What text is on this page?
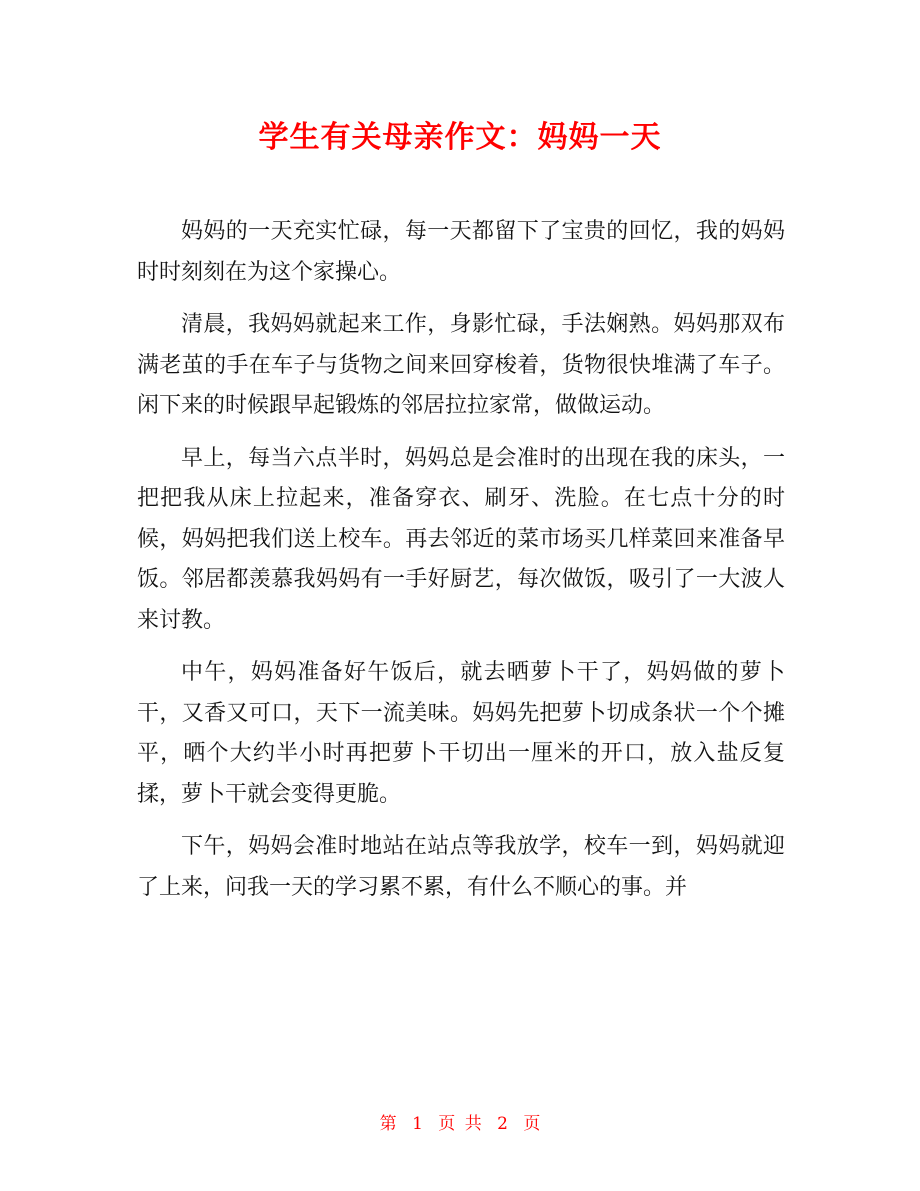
学生有关母亲作文：妈妈一天

妈妈的一天充实忙碌，每一天都留下了宝贵的回忆，我的妈妈时时刻刻在为这个家操心。

清晨，我妈妈就起来工作，身影忙碌，手法娴熟。妈妈那双布满老茧的手在车子与货物之间来回穿梭着，货物很快堆满了车子。闲下来的时候跟早起锻炼的邻居拉拉家常，做做运动。

早上，每当六点半时，妈妈总是会准时的出现在我的床头，一把把我从床上拉起来，准备穿衣、刷牙、洗脸。在七点十分的时候，妈妈把我们送上校车。再去邻近的菜市场买几样菜回来准备早饭。邻居都羡慕我妈妈有一手好厨艺，每次做饭，吸引了一大波人来讨教。

中午，妈妈准备好午饭后，就去晒萝卜干了，妈妈做的萝卜干，又香又可口，天下一流美味。妈妈先把萝卜切成条状一个个摊平，晒个大约半小时再把萝卜干切出一厘米的开口，放入盐反复揉，萝卜干就会变得更脆。

下午，妈妈会准时地站在站点等我放学，校车一到，妈妈就迎了上来，问我一天的学习累不累，有什么不顺心的事。并

第 1 页 共 2 页
